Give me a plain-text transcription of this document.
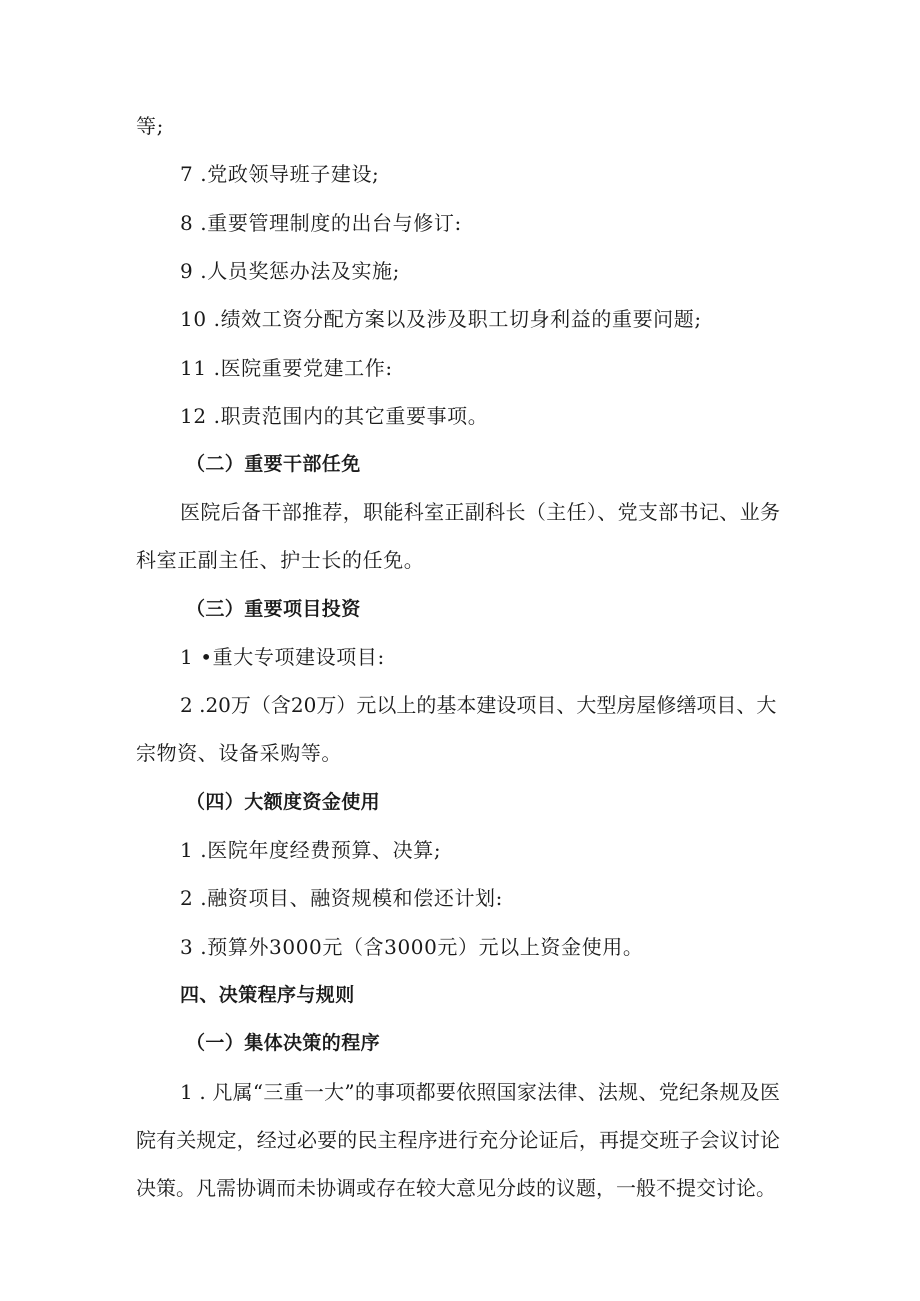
等;
7 .党政领导班子建设;
8 .重要管理制度的出台与修订:
9 .人员奖惩办法及实施;
10 .绩效工资分配方案以及涉及职工切身利益的重要问题;
11 .医院重要党建工作:
12 .职责范围内的其它重要事项。
（二）重要干部任免
医院后备干部推荐，职能科室正副科长（主任）、党支部书记、业务
科室正副主任、护士长的任免。
（三）重要项目投资
1 •重大专项建设项目:
2 .20万（含20万）元以上的基本建设项目、大型房屋修缮项目、大
宗物资、设备采购等。
（四）大额度资金使用
1 .医院年度经费预算、决算;
2 .融资项目、融资规模和偿还计划:
3 .预算外3000元（含3000元）元以上资金使用。
四、决策程序与规则
（一）集体决策的程序
1 . 凡属“三重一大”的事项都要依照国家法律、法规、党纪条规及医
院有关规定，经过必要的民主程序进行充分论证后，再提交班子会议讨论
决策。凡需协调而未协调或存在较大意见分歧的议题，一般不提交讨论。
